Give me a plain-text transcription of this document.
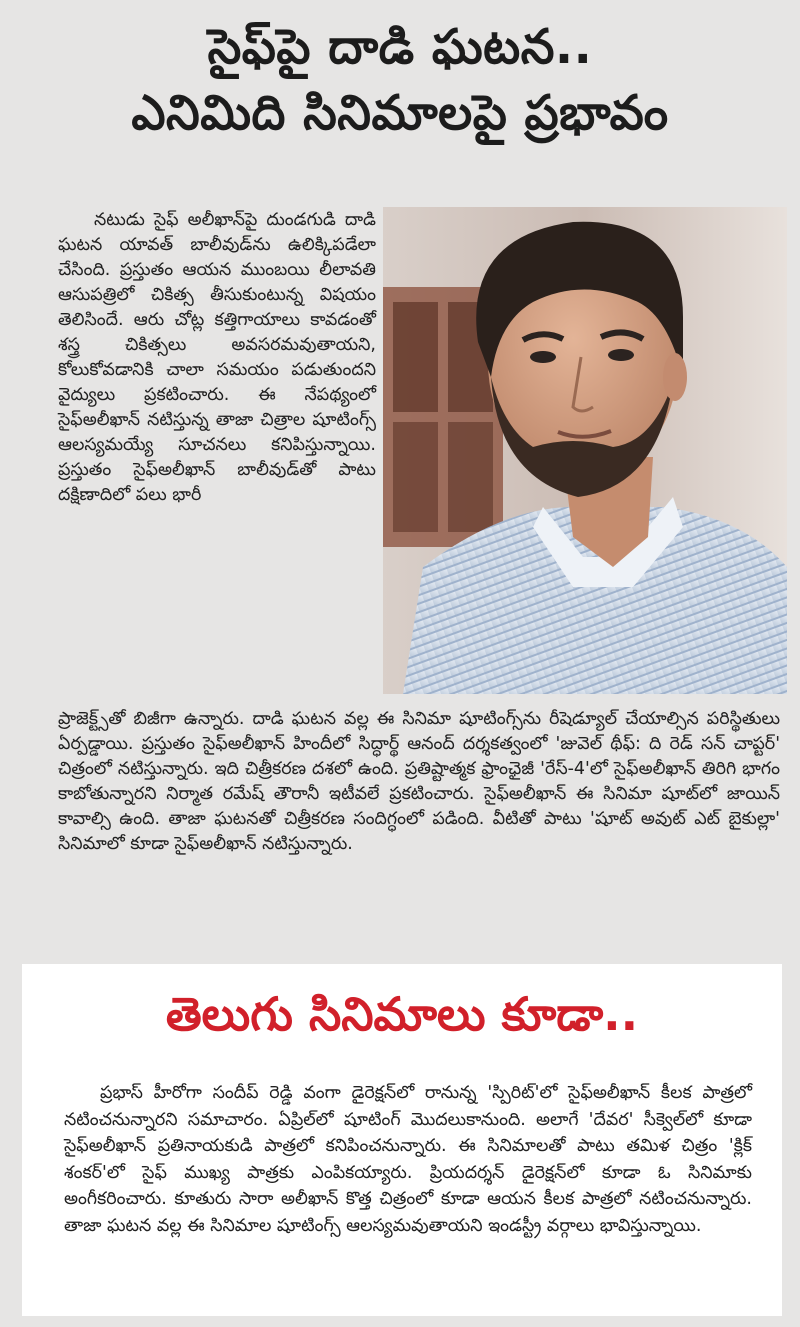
సైఫ్‌పై దాడి ఘటన..
ఎనిమిది సినిమాలపై ప్రభావం
నటుడు సైఫ్ అలీఖాన్‌పై దుండగుడి దాడి ఘటన యావత్ బాలీవుడ్‌ను ఉలిక్కిపడేలా చేసింది. ప్రస్తుతం ఆయన ముంబయి లీలావతి ఆసుపత్రిలో చికిత్స తీసుకుంటున్న విషయం తెలిసిందే. ఆరు చోట్ల కత్తిగాయాలు కావడంతో శస్త్ర చికిత్సలు అవసరమవుతాయని, కోలుకోవడానికి చాలా సమయం పడుతుందని వైద్యులు ప్రకటించారు. ఈ నేపథ్యంలో సైఫ్‌అలీఖాన్ నటిస్తున్న తాజా చిత్రాల షూటింగ్స్ ఆలస్యమయ్యే సూచనలు కనిపిస్తున్నాయి. ప్రస్తుతం సైఫ్‌అలీఖాన్ బాలీవుడ్‌తో పాటు దక్షిణాదిలో పలు భారీ
ప్రాజెక్ట్స్‌తో బిజీగా ఉన్నారు. దాడి ఘటన వల్ల ఈ సినిమా షూటింగ్స్‌ను రీషెడ్యూల్ చేయాల్సిన పరిస్థితులు ఏర్పడ్డాయి. ప్రస్తుతం సైఫ్‌అలీఖాన్ హిందీలో సిద్ధార్థ్ ఆనంద్ దర్శకత్వంలో 'జువెల్ థీఫ్: ది రెడ్ సన్ చాప్టర్' చిత్రంలో నటిస్తున్నారు. ఇది చిత్రీకరణ దశలో ఉంది. ప్రతిష్టాత్మక ఫ్రాంఛైజీ 'రేస్-4'లో సైఫ్‌అలీఖాన్ తిరిగి భాగం కాబోతున్నారని నిర్మాత రమేష్ తౌరానీ ఇటీవలే ప్రకటించారు. సైఫ్‌అలీఖాన్ ఈ సినిమా షూట్‌లో జాయిన్ కావాల్సి ఉంది. తాజా ఘటనతో చిత్రీకరణ సందిగ్ధంలో పడింది. వీటితో పాటు 'షూట్ అవుట్ ఎట్ బైకుల్లా' సినిమాలో కూడా సైఫ్‌అలీఖాన్ నటిస్తున్నారు.
తెలుగు సినిమాలు కూడా..
ప్రభాస్ హీరోగా సందీప్ రెడ్డి వంగా డైరెక్షన్‌లో రానున్న 'స్పిరిట్'లో సైఫ్‌అలీఖాన్ కీలక పాత్రలో నటించనున్నారని సమాచారం. ఏప్రిల్‌లో షూటింగ్ మొదలుకానుంది. అలాగే 'దేవర' సీక్వెల్‌లో కూడా సైఫ్‌అలీఖాన్ ప్రతినాయకుడి పాత్రలో కనిపించనున్నారు. ఈ సినిమాలతో పాటు తమిళ చిత్రం 'క్లిక్ శంకర్'లో సైఫ్ ముఖ్య పాత్రకు ఎంపికయ్యారు. ప్రియదర్శన్ డైరెక్షన్‌లో కూడా ఓ సినిమాకు అంగీకరించారు. కూతురు సారా అలీఖాన్ కొత్త చిత్రంలో కూడా ఆయన కీలక పాత్రలో నటించనున్నారు. తాజా ఘటన వల్ల ఈ సినిమాల షూటింగ్స్ ఆలస్యమవుతాయని ఇండస్ట్రీ వర్గాలు భావిస్తున్నాయి.
